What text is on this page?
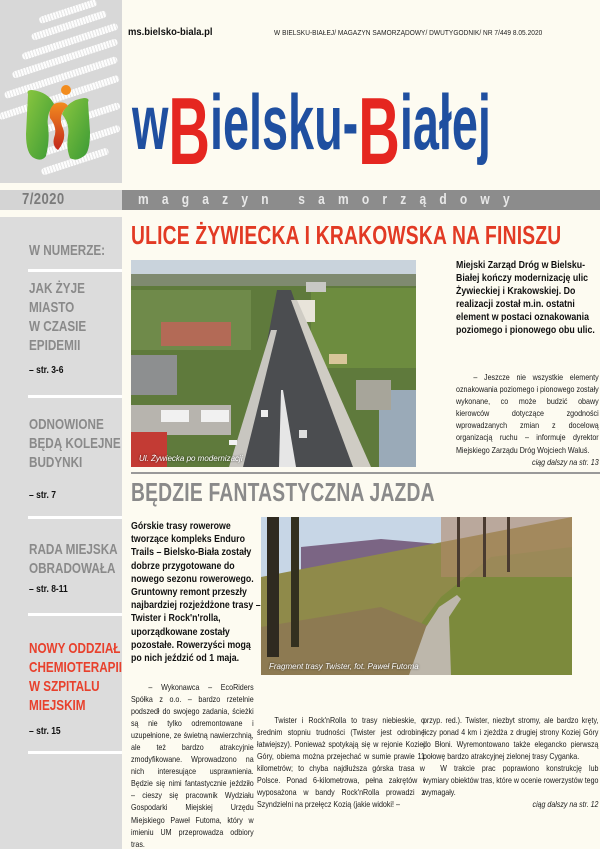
7/2020
W NUMERZE:
JAK ŻYJE
MIASTO
W CZASIE
EPIDEMII
– str. 3-6
ODNOWIONE
BĘDĄ KOLEJNE
BUDYNKI
– str. 7
RADA MIEJSKA
OBRADOWAŁA
– str. 8-11
NOWY ODDZIAŁ
CHEMIOTERAPII
W SZPITALU
MIEJSKIM
– str. 15
ms.bielsko-biala.pl	W BIELSKU-BIAŁEJ/ MAGAZYN SAMORZĄDOWY/ DWUTYGODNIK/ NR 7/449 8.05.2020
wBielsku-Białej
magazyn samorządowy
ULICE ŻYWIECKA I KRAKOWSKA NA FINISZU
Ul. Żywiecka po modernizacji
Miejski Zarząd Dróg w Bielsku-Białej kończy modernizację ulic Żywieckiej i Krakowskiej. Do realizacji został m.in. ostatni element w postaci oznakowania poziomego i pionowego obu ulic.
– Jeszcze nie wszystkie elementy oznakowania poziomego i pionowego zostały wykonane, co może budzić obawy kierowców dotyczące zgodności wprowadzanych zmian z docelową organizacją ruchu – informuje dyrektor Miejskiego Zarządu Dróg Wojciech Waluś.
ciąg dalszy na str. 13
BĘDZIE FANTASTYCZNA JAZDA
Górskie trasy rowerowe tworzące kompleks Enduro Trails – Bielsko-Biała zostały dobrze przygotowane do nowego sezonu rowerowego. Gruntowny remont przeszły najbardziej rozjeżdżone trasy – Twister i Rock'n'rolla, uporządkowane zostały pozostałe. Rowerzyści mogą po nich jeździć od 1 maja.
Fragment trasy Twister, fot. Paweł Futoma
– Wykonawca – EcoRiders Spółka z o.o. – bardzo rzetelnie podszedł do swojego zadania, ścieżki są nie tylko odremontowane i uzupełnione, ze świetną nawierzchnią, ale też bardzo atrakcyjnie zmodyfikowane. Wprowadzono na nich interesujące usprawnienia. Będzie się nimi fantastycznie jeździło – cieszy się pracownik Wydziału Gospodarki Miejskiej Urzędu Miejskiego Paweł Futoma, który w imieniu UM przeprowadza odbiory tras.
Twister i Rock'nRolla to trasy niebieskie, o średnim stopniu trudności (Twister jest odrobinę łatwiejszy). Ponieważ spotykają się w rejonie Koziej Góry, obiema można przejechać w sumie prawie 11 kilometrów; to chyba najdłuższa górska trasa w Polsce. Ponad 6-kilometrowa, pełna zakrętów i wyposażona w bandy Rock'nRolla prowadzi z Szyndzielni na przełęcz Kozią (jakie widoki! –
przyp. red.). Twister, niezbyt stromy, ale bardzo kręty, liczy ponad 4 km i zjeżdża z drugiej strony Koziej Góry do Błoni. Wyremontowano także elegancko pierwszą połowę bardzo atrakcyjnej zielonej trasy Cyganka.
W trakcie prac poprawiono konstrukcję lub wymiary obiektów tras, które w ocenie rowerzystów tego wymagały.
ciąg dalszy na str. 12
